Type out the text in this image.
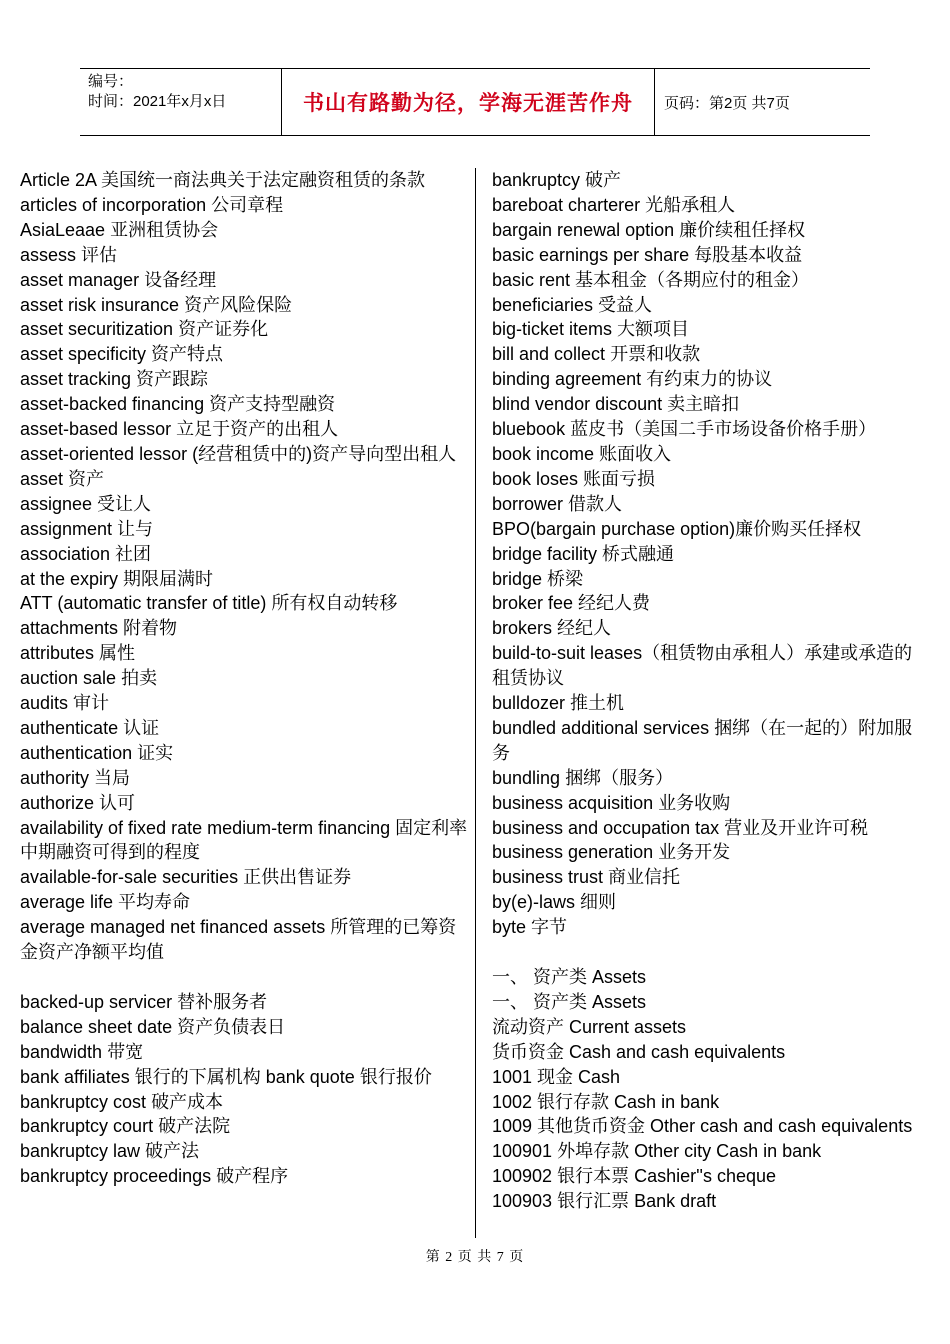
编号：
时间：2021年x月x日	书山有路勤为径，学海无涯苦作舟	页码：第2页 共7页
Article 2A 美国统一商法典关于法定融资租赁的条款
articles of incorporation 公司章程
AsiaLeaae 亚洲租赁协会
assess 评估
asset manager 设备经理
asset risk insurance 资产风险保险
asset securitization 资产证券化
asset specificity 资产特点
asset tracking 资产跟踪
asset-backed financing 资产支持型融资
asset-based lessor 立足于资产的出租人
asset-oriented lessor (经营租赁中的)资产导向型出租人
asset 资产
assignee 受让人
assignment 让与
association 社团
at the expiry 期限届满时
ATT (automatic transfer of title) 所有权自动转移
attachments 附着物
attributes 属性
auction sale 拍卖
audits 审计
authenticate 认证
authentication 证实
authority 当局
authorize 认可
availability of fixed rate medium-term financing 固定利率中期融资可得到的程度
available-for-sale securities 正供出售证券
average life 平均寿命
average managed net financed assets 所管理的已筹资金资产净额平均值
backed-up servicer 替补服务者
balance sheet date 资产负债表日
bandwidth 带宽
bank affiliates 银行的下属机构 bank quote 银行报价
bankruptcy cost 破产成本
bankruptcy court 破产法院
bankruptcy law 破产法
bankruptcy proceedings 破产程序
bankruptcy 破产
bareboat charterer 光船承租人
bargain renewal option 廉价续租任择权
basic earnings per share 每股基本收益
basic rent 基本租金（各期应付的租金）
beneficiaries 受益人
big-ticket items 大额项目
bill and collect 开票和收款
binding agreement 有约束力的协议
blind vendor discount 卖主暗扣
bluebook 蓝皮书（美国二手市场设备价格手册）
book income 账面收入
book loses 账面亏损
borrower 借款人
BPO(bargain purchase option)廉价购买任择权
bridge facility 桥式融通
bridge 桥梁
broker fee 经纪人费
brokers 经纪人
build-to-suit leases（租赁物由承租人）承建或承造的租赁协议
bulldozer 推土机
bundled additional services 捆绑（在一起的）附加服务
bundling 捆绑（服务）
business acquisition 业务收购
business and occupation tax 营业及开业许可税
business generation 业务开发
business trust 商业信托
by(e)-laws 细则
byte 字节
一、 资产类 Assets
一、 资产类 Assets
流动资产 Current assets
货币资金 Cash and cash equivalents
1001 现金 Cash
1002 银行存款 Cash in bank
1009 其他货币资金 Other cash and cash equivalents
100901 外埠存款 Other city Cash in bank
100902 银行本票 Cashier''s cheque
100903 银行汇票 Bank draft
第 2 页 共 7 页
